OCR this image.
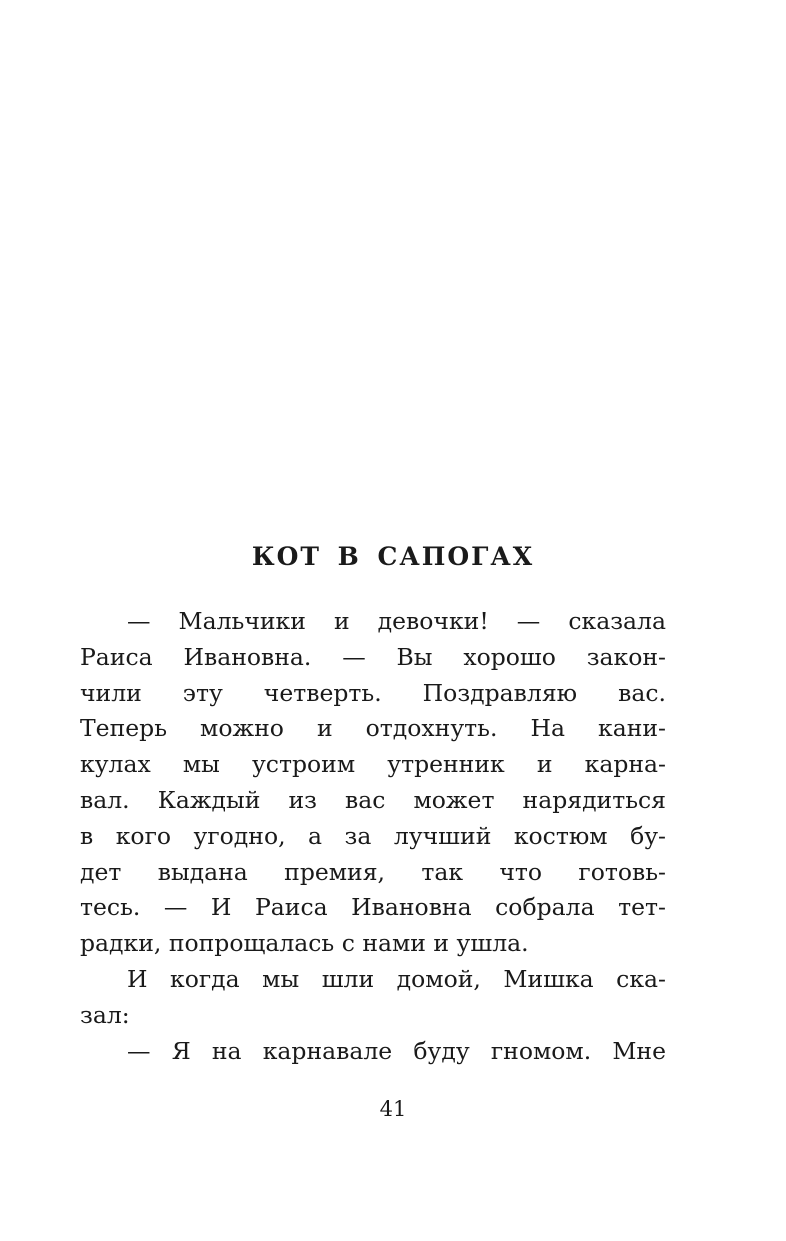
КОТ В САПОГАХ
— Мальчики и девочки! — сказала
Раиса Ивановна. — Вы хорошо закон-
чили эту четверть. Поздравляю вас.
Теперь можно и отдохнуть. На кани-
кулах мы устроим утренник и карна-
вал. Каждый из вас может нарядиться
в кого угодно, а за лучший костюм бу-
дет выдана премия, так что готовь-
тесь. — И Раиса Ивановна собрала тет-
радки, попрощалась с нами и ушла.
И когда мы шли домой, Мишка ска-
зал:
— Я на карнавале буду гномом. Мне
41
